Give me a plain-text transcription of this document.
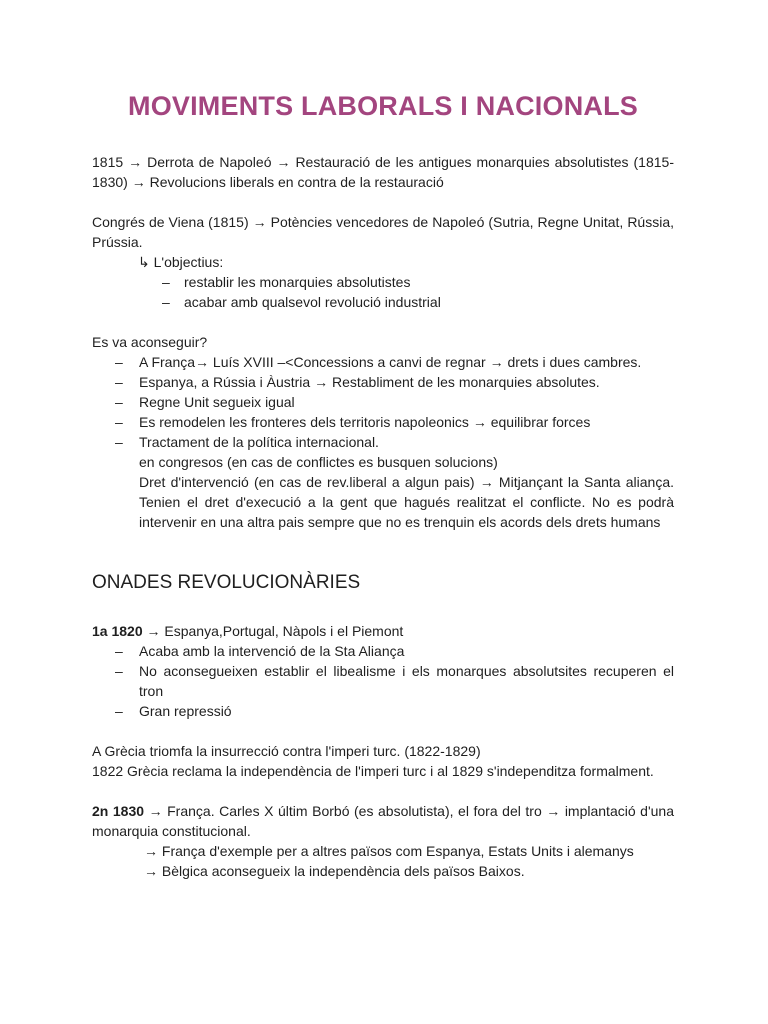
MOVIMENTS LABORALS I NACIONALS

1815 → Derrota de Napoleó → Restauració de les antigues monarquies absolutistes (1815-1830) → Revolucions liberals en contra de la restauració

Congrés de Viena (1815) → Potències vencedores de Napoleó (Sutria, Regne Unitat, Rússia, Prússia.

↳ L'objectius:

– restablir les monarquies absolutistes

– acabar amb qualsevol revolució industrial

Es va aconseguir?

– A França→ Luís XVIII –<Concessions a canvi de regnar → drets i dues cambres.

– Espanya, a Rússia i Àustria → Restabliment de les monarquies absolutes.

– Regne Unit segueix igual

– Es remodelen les fronteres dels territoris napoleonics → equilibrar forces

– Tractament de la política internacional.

en congresos (en cas de conflictes es busquen solucions)

Dret d'intervenció (en cas de rev.liberal a algun pais) → Mitjançant la Santa aliança. Tenien el dret d'execució a la gent que hagués realitzat el conflicte. No es podrà intervenir en una altra pais sempre que no es trenquin els acords dels drets humans

ONADES REVOLUCIONÀRIES

1a 1820 → Espanya,Portugal, Nàpols i el Piemont

– Acaba amb la intervenció de la Sta Aliança

– No aconsegueixen establir el libealisme i els monarques absolutsites recuperen el tron

– Gran repressió

A Grècia triomfa la insurrecció contra l'imperi turc. (1822-1829)

1822 Grècia reclama la independència de l'imperi turc i al 1829 s'independitza formalment.

2n 1830 → França. Carles X últim Borbó (es absolutista), el fora del tro → implantació d'una monarquia constitucional.

→ França d'exemple per a altres països com Espanya, Estats Units i alemanys

→ Bèlgica aconsegueix la independència dels països Baixos.
